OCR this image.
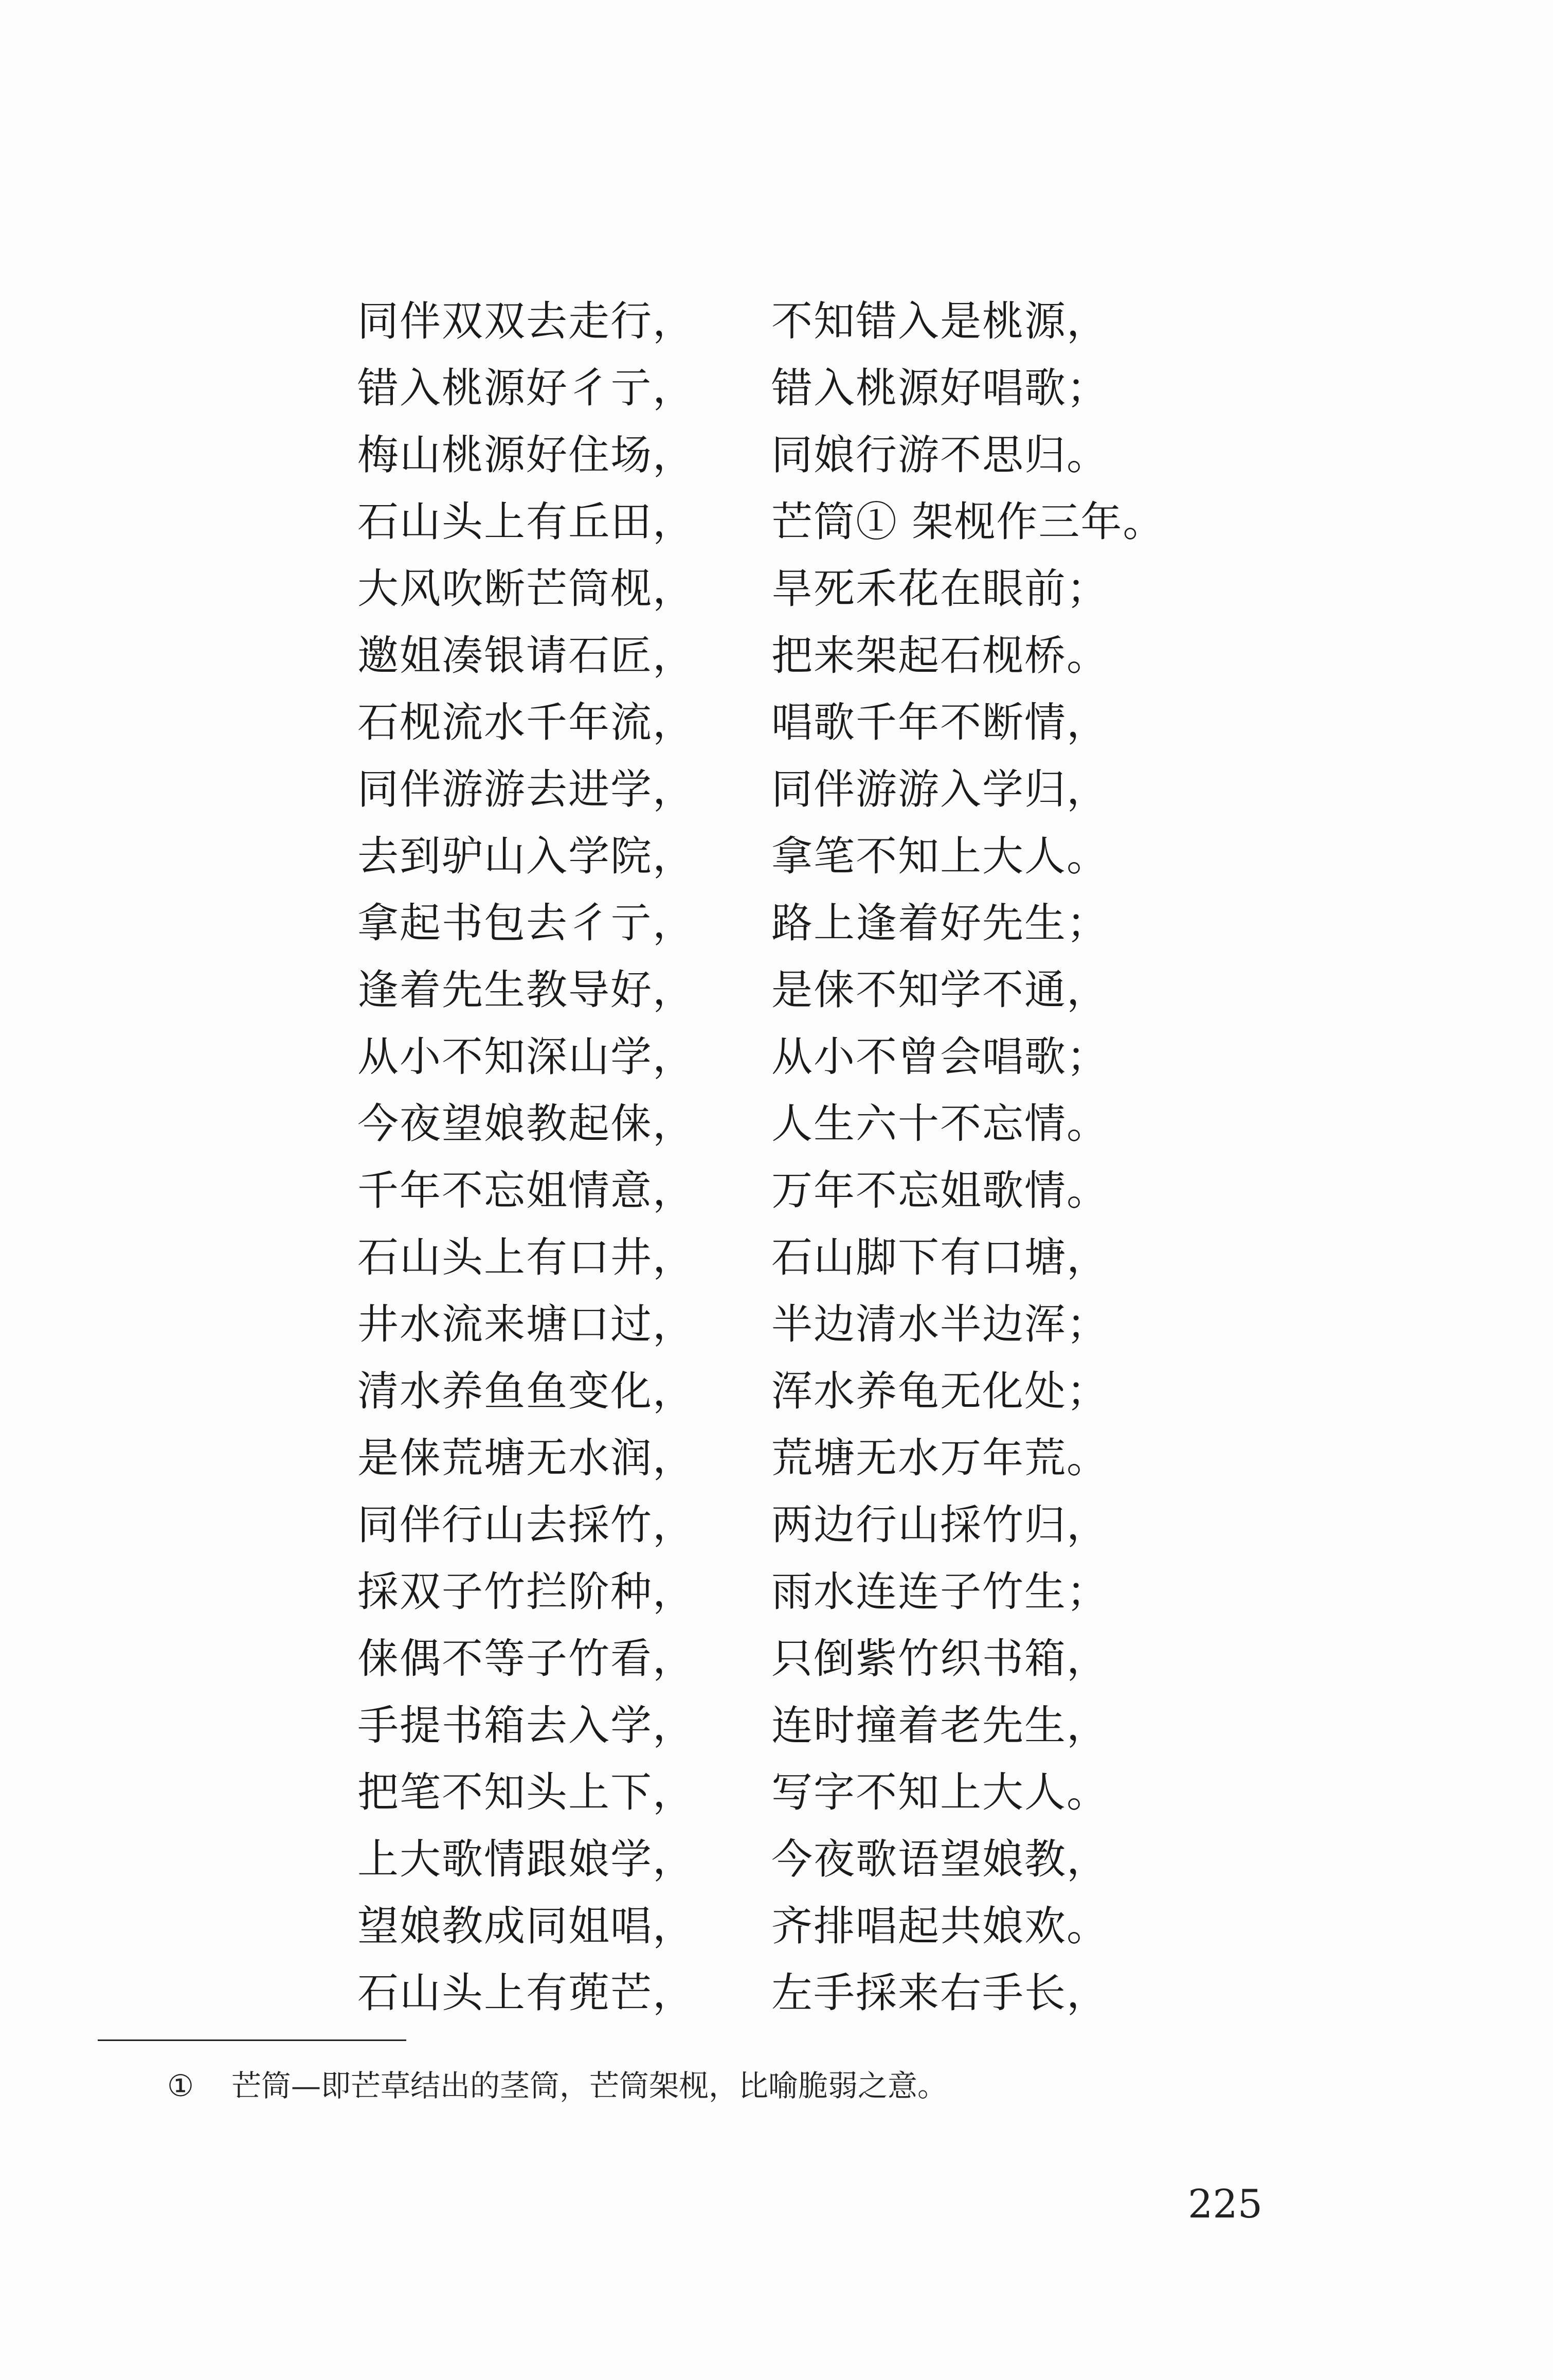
同伴双双去走行， 不知错入是桃源，
错入桃源好彳亍， 错入桃源好唱歌；
梅山桃源好住场， 同娘行游不思归。
石山头上有丘田， 芒筒① 架枧作三年。
大风吹断芒筒枧， 旱死禾花在眼前；
邀姐凑银请石匠， 把来架起石枧桥。
石枧流水千年流， 唱歌千年不断情，
同伴游游去进学， 同伴游游入学归，
去到驴山入学院， 拿笔不知上大人。
拿起书包去彳亍， 路上逢着好先生；
逢着先生教导好， 是俫不知学不通，
从小不知深山学， 从小不曾会唱歌；
今夜望娘教起俫， 人生六十不忘情。
千年不忘姐情意， 万年不忘姐歌情。
石山头上有口井， 石山脚下有口塘，
井水流来塘口过， 半边清水半边浑；
清水养鱼鱼变化， 浑水养龟无化处；
是俫荒塘无水润， 荒塘无水万年荒。
同伴行山去採竹， 两边行山採竹归，
採双子竹拦阶种， 雨水连连子竹生；
俫偶不等子竹看， 只倒紫竹织书箱，
手提书箱去入学， 连时撞着老先生，
把笔不知头上下， 写字不知上大人。
上大歌情跟娘学， 今夜歌语望娘教，
望娘教成同姐唱， 齐排唱起共娘欢。
石山头上有蔸芒， 左手採来右手长，
① 芒筒—即芒草结出的茎筒，芒筒架枧，比喻脆弱之意。
225
